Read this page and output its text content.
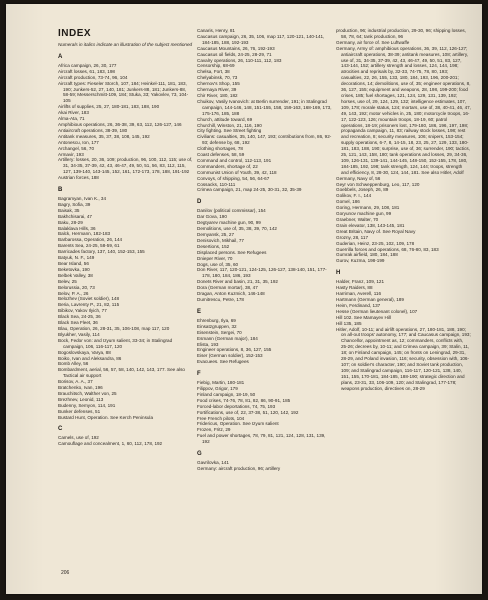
INDEX
Numerals in italics indicate an illustration of the subject mentioned
A

Africa campaign, 26, 30, 177

Aircraft losses, 61, 183, 198

Aircraft production, 73-74, 96, 104

Aircraft types: Fieseler Storch, 107, 184; Heinkel-111, 181, 183, 190; Junkers-52, 27, 140, 181; Junkers-88, 181; Junkers-88, 58-59; Messerschmitt-109, 184; Stuka, 33; Yakovlev, 73, 104-105

Airlifts of supplies, 25, 27, 180-181, 183, 188, 190

Akai River, 183

Alma-Ata, 71

Amphibious operations, 26, 36-38, 39, 63, 112, 126-127, 146

Antiaircraft operations, 38-39, 180

Antitank measures, 35, 37, 38, 108, 145, 192

Antonescu, Ion, 177

Archangel, 56, 70

Armavir, 193

Artillery: losses, 20, 36, 109; production, 96, 100, 112, 115; use of, 31, 34-35, 37-39, 42, 43, 46-47, 49, 50, 51, 56, 83, 112, 115, 127, 139-140, 143-145, 152, 161, 172-173, 178, 188, 191-192

Austrian forces, 188

B

Bagramyan, Ivan K., 34

Bagry, Sofia, 39

Baisak, 35

Bakhchisarai, 47

Baku, 28-29

Balaklava Hills, 36

Balck, Hermann, 182-183

Barbarossa, Operation, 26, 144

Barents Sea, 24-25, 58-59, 61

Barricades factory, 137, 140, 152-153, 155

Batyuk, N. F., 149

Bear Island, 56

Beketovka, 190

Belbek Valley, 38

Belev, 25

Belorussia, 20, 73

Belov, P. A., 26

Belozhev (Soviet soldier), 148

Beria, Lavrenty P., 21, 82, 115

Bibikov, Yakov Ilyich, 77

Black Sea, 24-25, 36

Black Sea Fleet, 36

Blau, Operation, 26, 28-31, 35, 106-108, map 117, 120

Blyukher, Vasily, 114

Bock, Fedor von: and Izyum salient, 33-34; in Stalingrad campaign, 106, 116-117, 120

Bogoslovskaya, Varya, 88

Boiko, Ivan and Aleksandra, 86

Bomb Alley, 56

Bombardment, aerial, 56, 57, 58, 140, 142, 143, 177. See also Tactical air support

Borisov, A. A., 37

Bratchenko, Ivan, 196

Brauchitsch, Walther von, 25

Brezhnev, Leonid, 113

Budenny, Semyon, 114, 191

Bunker defenses, 51

Bustard Hunt, Operation. See Kerch Peninsula

C

Camels, use of, 192

Camouflage and concealment, 1, 60, 112, 178, 192

Canaris, Henry, 81

Caucasus campaign, 26, 35, 106, map 117, 120-121, 140-141, 184-185, 188, 192-193

Caucasus Mountains, 26, 76, 192-193

Caucasus oil fields, 24-25, 28-29, 71

Cavalry operations, 26, 110-111, 112, 183

Censorship, 68-69

Chelsa, Fort, 38

Chelyabinsk, 70, 73

Chernov's Shop, 155

Chernaya River, 39

Chir River, 180, 182

Chuikov, Vasily Ivanovich: at Berlin surrender, 191; in Stalingrad campaign, 144-146, 148, 151-155, 158, 159-163, 168-169, 173, 175-176, 185, 188

Church, attitude toward, 69

Churchill, Winston, 21, 116, 190

City fighting. See Street fighting

Civilians: casualties, 35, 140, 147, 193; contributions from, 86, 92-93; defense by, 68, 192

Clothing shortages, 78

Coast defenses, 58, 59

Command and control, 112-113, 191

Commanders, shortage of, 22

Communist Union of Youth, 39, 42, 118

Convoys, of shipping, 54, 56, 64-67

Cossacks, 110-111

Crimea campaign, 21, map 24-25, 30-31, 32, 35-39

D

Danilov (political commissar), 154

Dar Gova, 190

Degtyarev machine gun, 90, 99

Demolitions, use of, 35, 38, 39, 70, 142

Demyansk, 25, 27

Denisovich, Mikhail, 77

Desertions, 152

Displaced persons. See Refugees

Dnieper River, 70

Dogs, use of, 35, 60

Don River, 117, 120-121, 124-125, 126-127, 138-140, 151, 177-178, 180, 184, 186, 193

Donets River and basin, 21, 31, 35, 192

Dora (German mortar), 38, 47

Dragan, Anton Kuzmich, 146-148

Dumitrescu, Petre, 178

E

Ehrenburg, Ilya, 69

Einsatzgruppen, 32

Eisenstein, Sergei, 70

Esmann (German major), 184

Elista, 193

Engineer operations, 8, 36, 127, 155

Eiser (German soldier), 152-153

Evacuees. See Refugees

F

Fiebig, Martin, 180-181

Filippov, Grigor, 179

Finland campaign, 18-19, 50

Food crises, 74-76, 78, 81, 82, 86, 90-91, 185

Forced-labor deportations, 74, 75, 193

Fortifications, use of, 22, 37-38, 51, 120, 142, 192

Free French pilots, 104

Fridericus, Operation. See Izyum salient

Frozen, Fritz, 29

Fuel and power shortages, 78, 79, 81, 121, 124, 128, 131, 139, 192

G

Gavrilovka, 141

Germany: aircraft production, 96; artillery

production, 96; industrial production, 29-30, 96; shipping losses, 58, 78, 64; tank production, 96

Germany, air force of. See Luftwaffe

Germany, Army of: amphibious operations, 36, 39, 112, 126-127; antiaircraft operations, 38-39; antitank measures, 108; artillery, use of, 31, 34-35, 37-39, 42, 43, 46-47, 49, 50, 51, 83, 127, 143-144, 152; artillery strength and losses, 124, 144, 198; atrocities and reprisals by, 32-33, 74-75, 78, 80, 193; casualties, 22, 26, 155, 133, 180, 184, 193, 196, 200-201; decorations, 14; demolitions, use of, 35; engineer operations, 8, 36, 127, 155; equipment and weapons, 28, 198, 199-200; food crises, 185; fuel shortages, 121, 124, 129, 131, 139, 192; horses, use of, 29, 124, 129, 132; intelligence estimates, 107, 109, 178; morale status, 124; mortars, use of, 38, 40-41, 46, 47, 49, 143, 192; motor vehicles in, 25, 180; motorcycle troops, 16-17, 122-123, 126; mountain troops, 18-19, 60; patrol operations, 18-19; prisoners lost, 179-180, 186, 196, 197, 198; propaganda campaign, 11, 83; railway stock losses, 198; rest and recreation, 8; security measures, 106; snipers, 153-154; supply operations, 6-7, 8, 14-15, 18, 23, 25, 27, 129, 133, 180-181, 183, 188, 190; surprise, use of, 36; surrender, 190; tactics, 25, 121, 143, 158, 180; tank operations and losses, 29, 34-36, 109, 126-131, 139-141, 144-145, 148-150, 152-155, 178, 180, 184-185, 192, 198; tank strength, 124, 144; troops, strength and efficiency, 8, 28-30, 124, 144, 181. See also Hitler, Adolf

Germany, Navy of, 56

Geyr von Schweppenburg, Leo, 117, 120

Goebbels, Joseph, 26, 89

Golikov, F. I., 144

Gomel, 186

Goring, Hermann, 29, 108, 181

Goryunov machine gun, 99

Graebner, Walter, 70

Grain elevator, 138, 143-145, 181

Great Britain, Navy of. See Royal Navy

Grozny, 28, 117

Guderian, Heinz, 23-25, 102, 109, 178

Guerrilla forces and operations, 68, 76-80, 83, 183

Gumrak airfield, 180, 184, 188

Gurov, Kuzma, 198-199

H

Halder, Franz, 109, 121

Hasty Raiders, 88

Harriman, Averell, 116

Hartmann (German general), 189

Heim, Ferdinand, 137

Hesse (German lieutenant colonel), 107

Hill 102. See Mamayev Hill

Hill 135, 185

Hitler, Adolf, 10-11; and airlift operations, 27, 180-181, 188, 190; on all-out troops' autonomy, 177; and Caucasus campaign, 193; Chancellor, appointment as, 12; commanders, conflicts with, 25-26; decrees by, 10-11; and Crimea campaign, 39; Stalin, 11, 18; on Finland campaign, 145; on fronts on Leningrad, 29-31, 28-29, and Poland invasion, 116; security, obsession with, 106-107; on soldier's character, 190; and Soviet tank production, 109; and Stalingrad campaign, 116-117, 120-121, 138, 140, 151, 155, 170-181, 184-185, 188-190; strategic direction and plans, 23-31, 33, 106-109, 120; and Stalingrad, 177-178; weapons production, directives on, 28-29

206
